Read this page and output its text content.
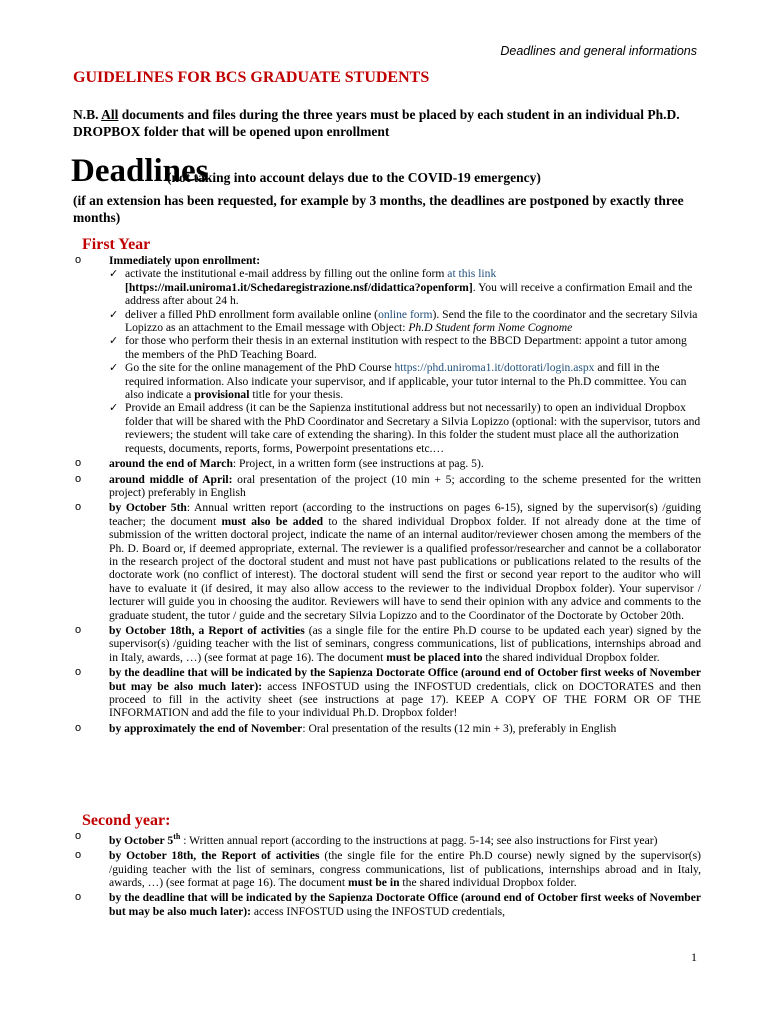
Deadlines and general informations
GUIDELINES FOR BCS GRADUATE STUDENTS
N.B. All documents and files during the three years must be placed by each student in an individual Ph.D. DROPBOX folder that will be opened upon enrollment
Deadlines
(not taking into account delays due to the COVID-19 emergency)
(if an extension has been requested, for example by 3 months, the deadlines are postponed by exactly three months)
First Year
o Immediately upon enrollment:
✓ activate the institutional e-mail address by filling out the online form at this link [https://mail.uniroma1.it/Schedaregistrazione.nsf/didattica?openform]. You will receive a confirmation Email and the address after about 24 h.
✓ deliver a filled PhD enrollment form available online (online form). Send the file to the coordinator and the secretary Silvia Lopizzo as an attachment to the Email message with Object: Ph.D Student form Nome Cognome
✓ for those who perform their thesis in an external institution with respect to the BBCD Department: appoint a tutor among the members of the PhD Teaching Board.
✓ Go the site for the online management of the PhD Course https://phd.uniroma1.it/dottorati/login.aspx and fill in the required information. Also indicate your supervisor, and if applicable, your tutor internal to the Ph.D committee. You can also indicate a provisional title for your thesis.
✓ Provide an Email address (it can be the Sapienza institutional address but not necessarily) to open an individual Dropbox folder that will be shared with the PhD Coordinator and Secretary a Silvia Lopizzo (optional: with the supervisor, tutors and reviewers; the student will take care of extending the sharing). In this folder the student must place all the authorization requests, documents, reports, forms, Powerpoint presentations etc.…
o around the end of March: Project, in a written form (see instructions at pag. 5).
o around middle of April: oral presentation of the project (10 min + 5; according to the scheme presented for the written project) preferably in English
o by October 5th: Annual written report (according to the instructions on pages 6-15), signed by the supervisor(s) /guiding teacher; the document must also be added to the shared individual Dropbox folder. If not already done at the time of submission of the written doctoral project, indicate the name of an internal auditor/reviewer chosen among the members of the Ph. D. Board or, if deemed appropriate, external. The reviewer is a qualified professor/researcher and cannot be a collaborator in the research project of the doctoral student and must not have past publications or publications related to the results of the doctorate work (no conflict of interest). The doctoral student will send the first or second year report to the auditor who will have to evaluate it (if desired, it may also allow access to the reviewer to the individual Dropbox folder). Your supervisor / lecturer will guide you in choosing the auditor. Reviewers will have to send their opinion with any advice and comments to the graduate student, the tutor / guide and the secretary Silvia Lopizzo and to the Coordinator of the Doctorate by October 20th.
o by October 18th, a Report of activities (as a single file for the entire Ph.D course to be updated each year) signed by the supervisor(s) /guiding teacher with the list of seminars, congress communications, list of publications, internships abroad and in Italy, awards, …) (see format at page 16). The document must be placed into the shared individual Dropbox folder.
o by the deadline that will be indicated by the Sapienza Doctorate Office (around end of October first weeks of November but may be also much later): access INFOSTUD using the INFOSTUD credentials, click on DOCTORATES and then proceed to fill in the activity sheet (see instructions at page 17). KEEP A COPY OF THE FORM OR OF THE INFORMATION and add the file to your individual Ph.D. Dropbox folder!
o by approximately the end of November: Oral presentation of the results (12 min + 3), preferably in English
Second year:
o by October 5th : Written annual report (according to the instructions at pagg. 5-14; see also instructions for First year)
o by October 18th, the Report of activities (the single file for the entire Ph.D course) newly signed by the supervisor(s) /guiding teacher with the list of seminars, congress communications, list of publications, internships abroad and in Italy, awards, …) (see format at page 16). The document must be in the shared individual Dropbox folder.
o by the deadline that will be indicated by the Sapienza Doctorate Office (around end of October first weeks of November but may be also much later): access INFOSTUD using the INFOSTUD credentials,
1
